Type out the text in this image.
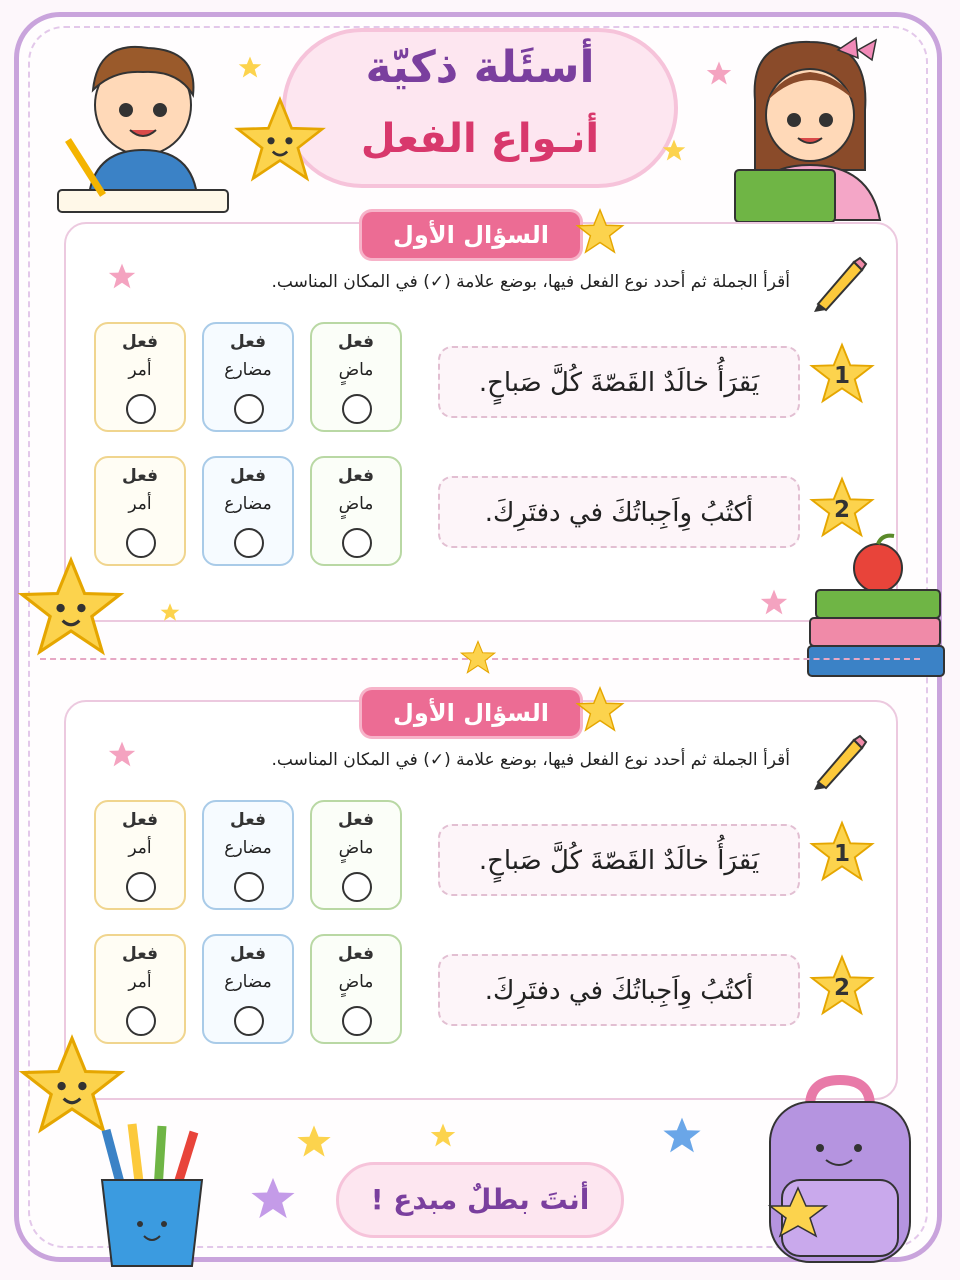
أسئَلة ذكيّة
أنـواع الفعل
السؤال الأول
أقرأ الجملة ثم أحدد نوع الفعل فيها، بوضع علامة (✓) في المكان المناسب.
1
يَقرَأُ خالَدٌ القَصّةَ كُلَّ صَباحٍ.
فعل
ماضٍ
فعل
مضارع
فعل
أمر
2
أكتُبُ وِاَجِباتُكَ في دفتَرِكَ.
فعل
ماضٍ
فعل
مضارع
فعل
أمر
السؤال الأول
أقرأ الجملة ثم أحدد نوع الفعل فيها، بوضع علامة (✓) في المكان المناسب.
1
يَقرَأُ خالَدٌ القَصّةَ كُلَّ صَباحٍ.
فعل
ماضٍ
فعل
مضارع
فعل
أمر
2
أكتُبُ وِاَجِباتُكَ في دفتَرِكَ.
فعل
ماضٍ
فعل
مضارع
فعل
أمر
أنتَ بطلٌ مبدع !
